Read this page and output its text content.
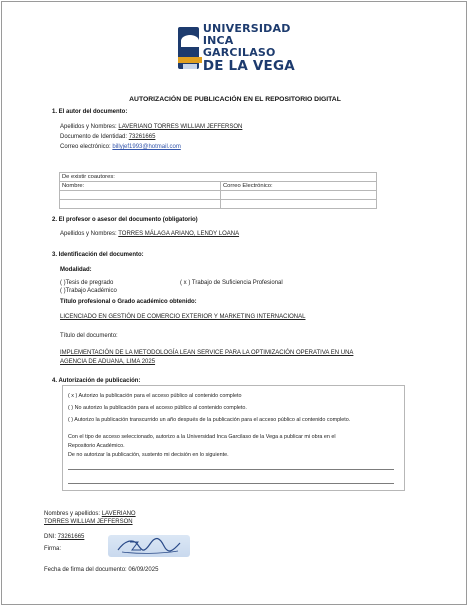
UNIVERSIDAD
INCA GARCILASO
DE LA VEGA
AUTORIZACIÓN DE PUBLICACIÓN EN EL REPOSITORIO DIGITAL
1. El autor del documento:
Apellidos y Nombres: LAVERIANO TORRES WILLIAM JEFFERSON
Documento de Identidad: 73261665
Correo electrónico: billyjef1993@hotmail.com
De existir coautores:	
Nombre:	Correo Electrónico:

2. El profesor o asesor del documento (obligatorio)
Apellidos y Nombres: TORRES MÁLAGA ARIANO, LENDY LOANA
3. Identificación del documento:
Modalidad:
( )Tesis de pregrado	( x ) Trabajo de Suficiencia Profesional
( )Trabajo Académico
Título profesional o Grado académico obtenido:
LICENCIADO EN GESTIÓN DE COMERCIO EXTERIOR Y MARKETING INTERNACIONAL
Título del documento:
IMPLEMENTACIÓN DE LA METODOLOGÍA LEAN SERVICE PARA LA OPTIMIZACIÓN OPERATIVA EN UNA
AGENCIA DE ADUANA, LIMA 2025
4. Autorización de publicación:
( x ) Autorizo la publicación para el acceso público al contenido completo
( ) No autorizo la publicación para el acceso público al contenido completo.
( ) Autorizo la publicación transcurrido un año después de la publicación para el acceso público al contenido completo.
Con el tipo de acceso seleccionado, autorizo a la Universidad Inca Garcilaso de la Vega a publicar mi obra en el
Repositorio Académico.
De no autorizar la publicación, sustento mi decisión en lo siguiente.
Nombres y apellidos: LAVERIANO
TORRES WILLIAM JEFFERSON
DNI: 73261665
Firma:
Fecha de firma del documento: 06/09/2025
